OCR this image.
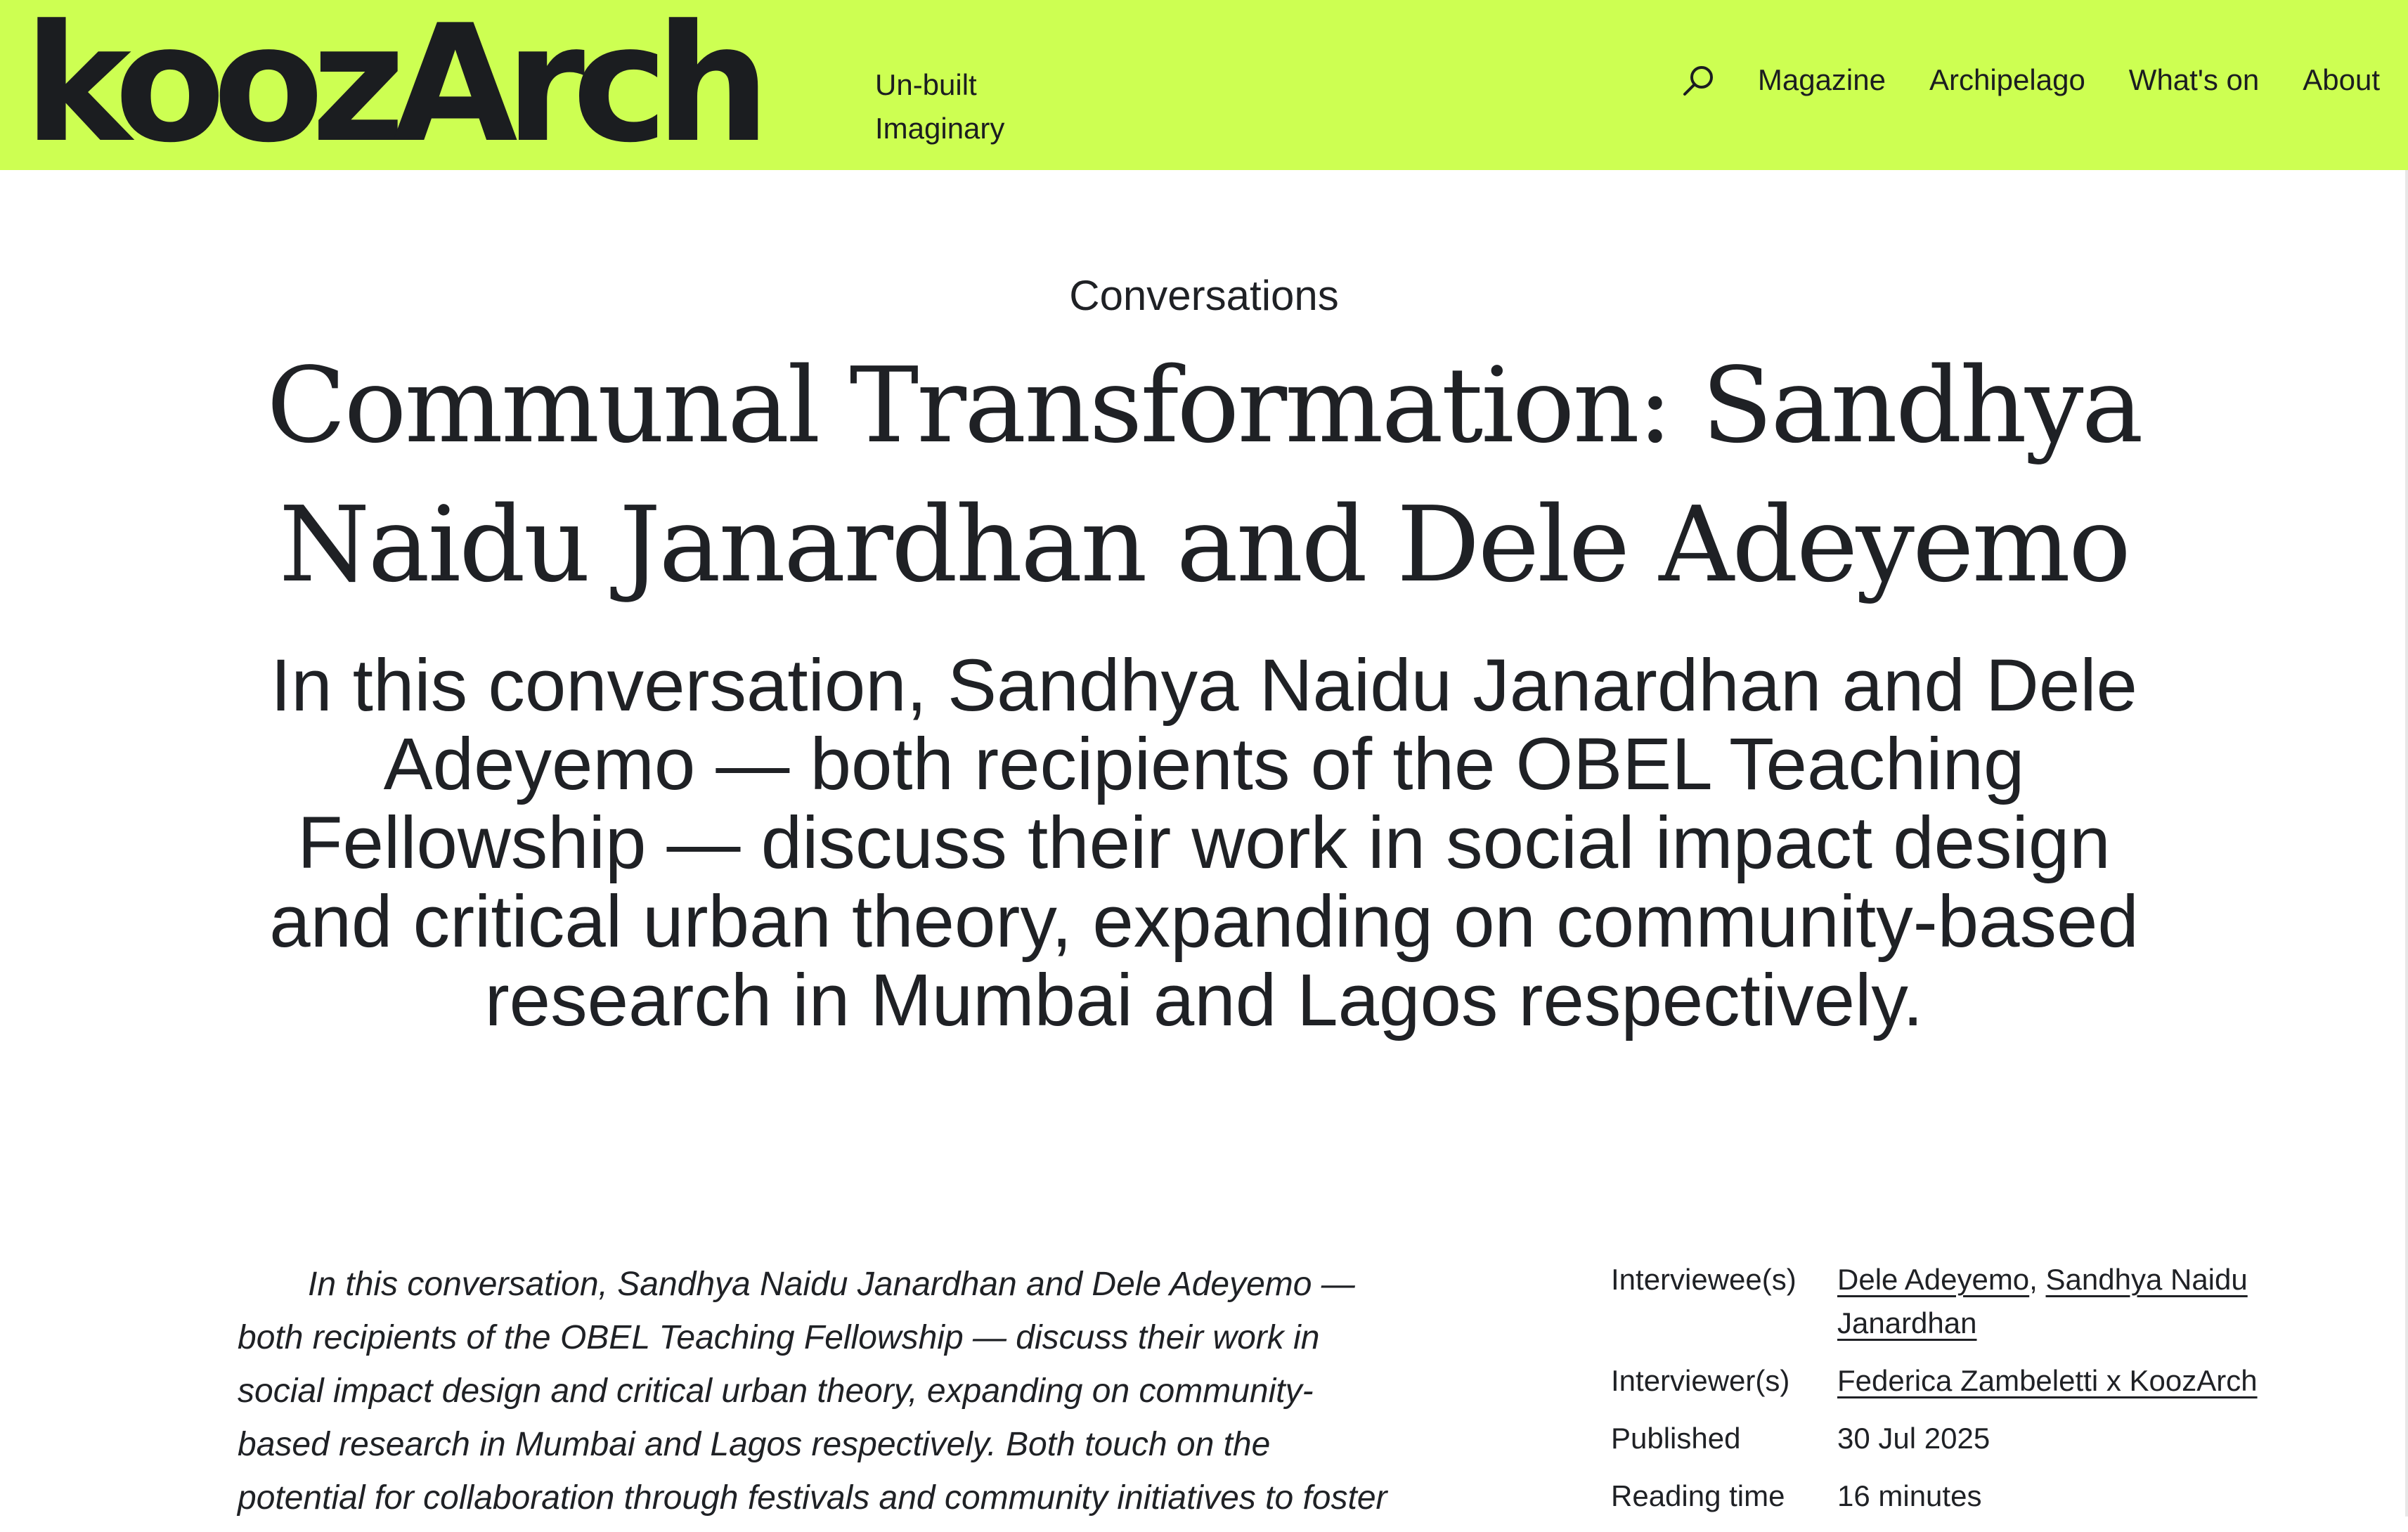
koozArch	Un-built
Imaginary
Magazine Archipelago What's on About
Conversations
Communal Transformation: Sandhya Naidu Janardhan and Dele Adeyemo

In this conversation, Sandhya Naidu Janardhan and Dele Adeyemo — both recipients of the OBEL Teaching Fellowship — discuss their work in social impact design and critical urban theory, expanding on community-based research in Mumbai and Lagos respectively.

In this conversation, Sandhya Naidu Janardhan and Dele Adeyemo — both recipients of the OBEL Teaching Fellowship — discuss their work in social impact design and critical urban theory, expanding on community-based research in Mumbai and Lagos respectively. Both touch on the potential for collaboration through festivals and community initiatives to foster

Interviewee(s)	Dele Adeyemo, Sandhya Naidu Janardhan
Interviewer(s)	Federica Zambeletti x KoozArch
Published	30 Jul 2025
Reading time	16 minutes
